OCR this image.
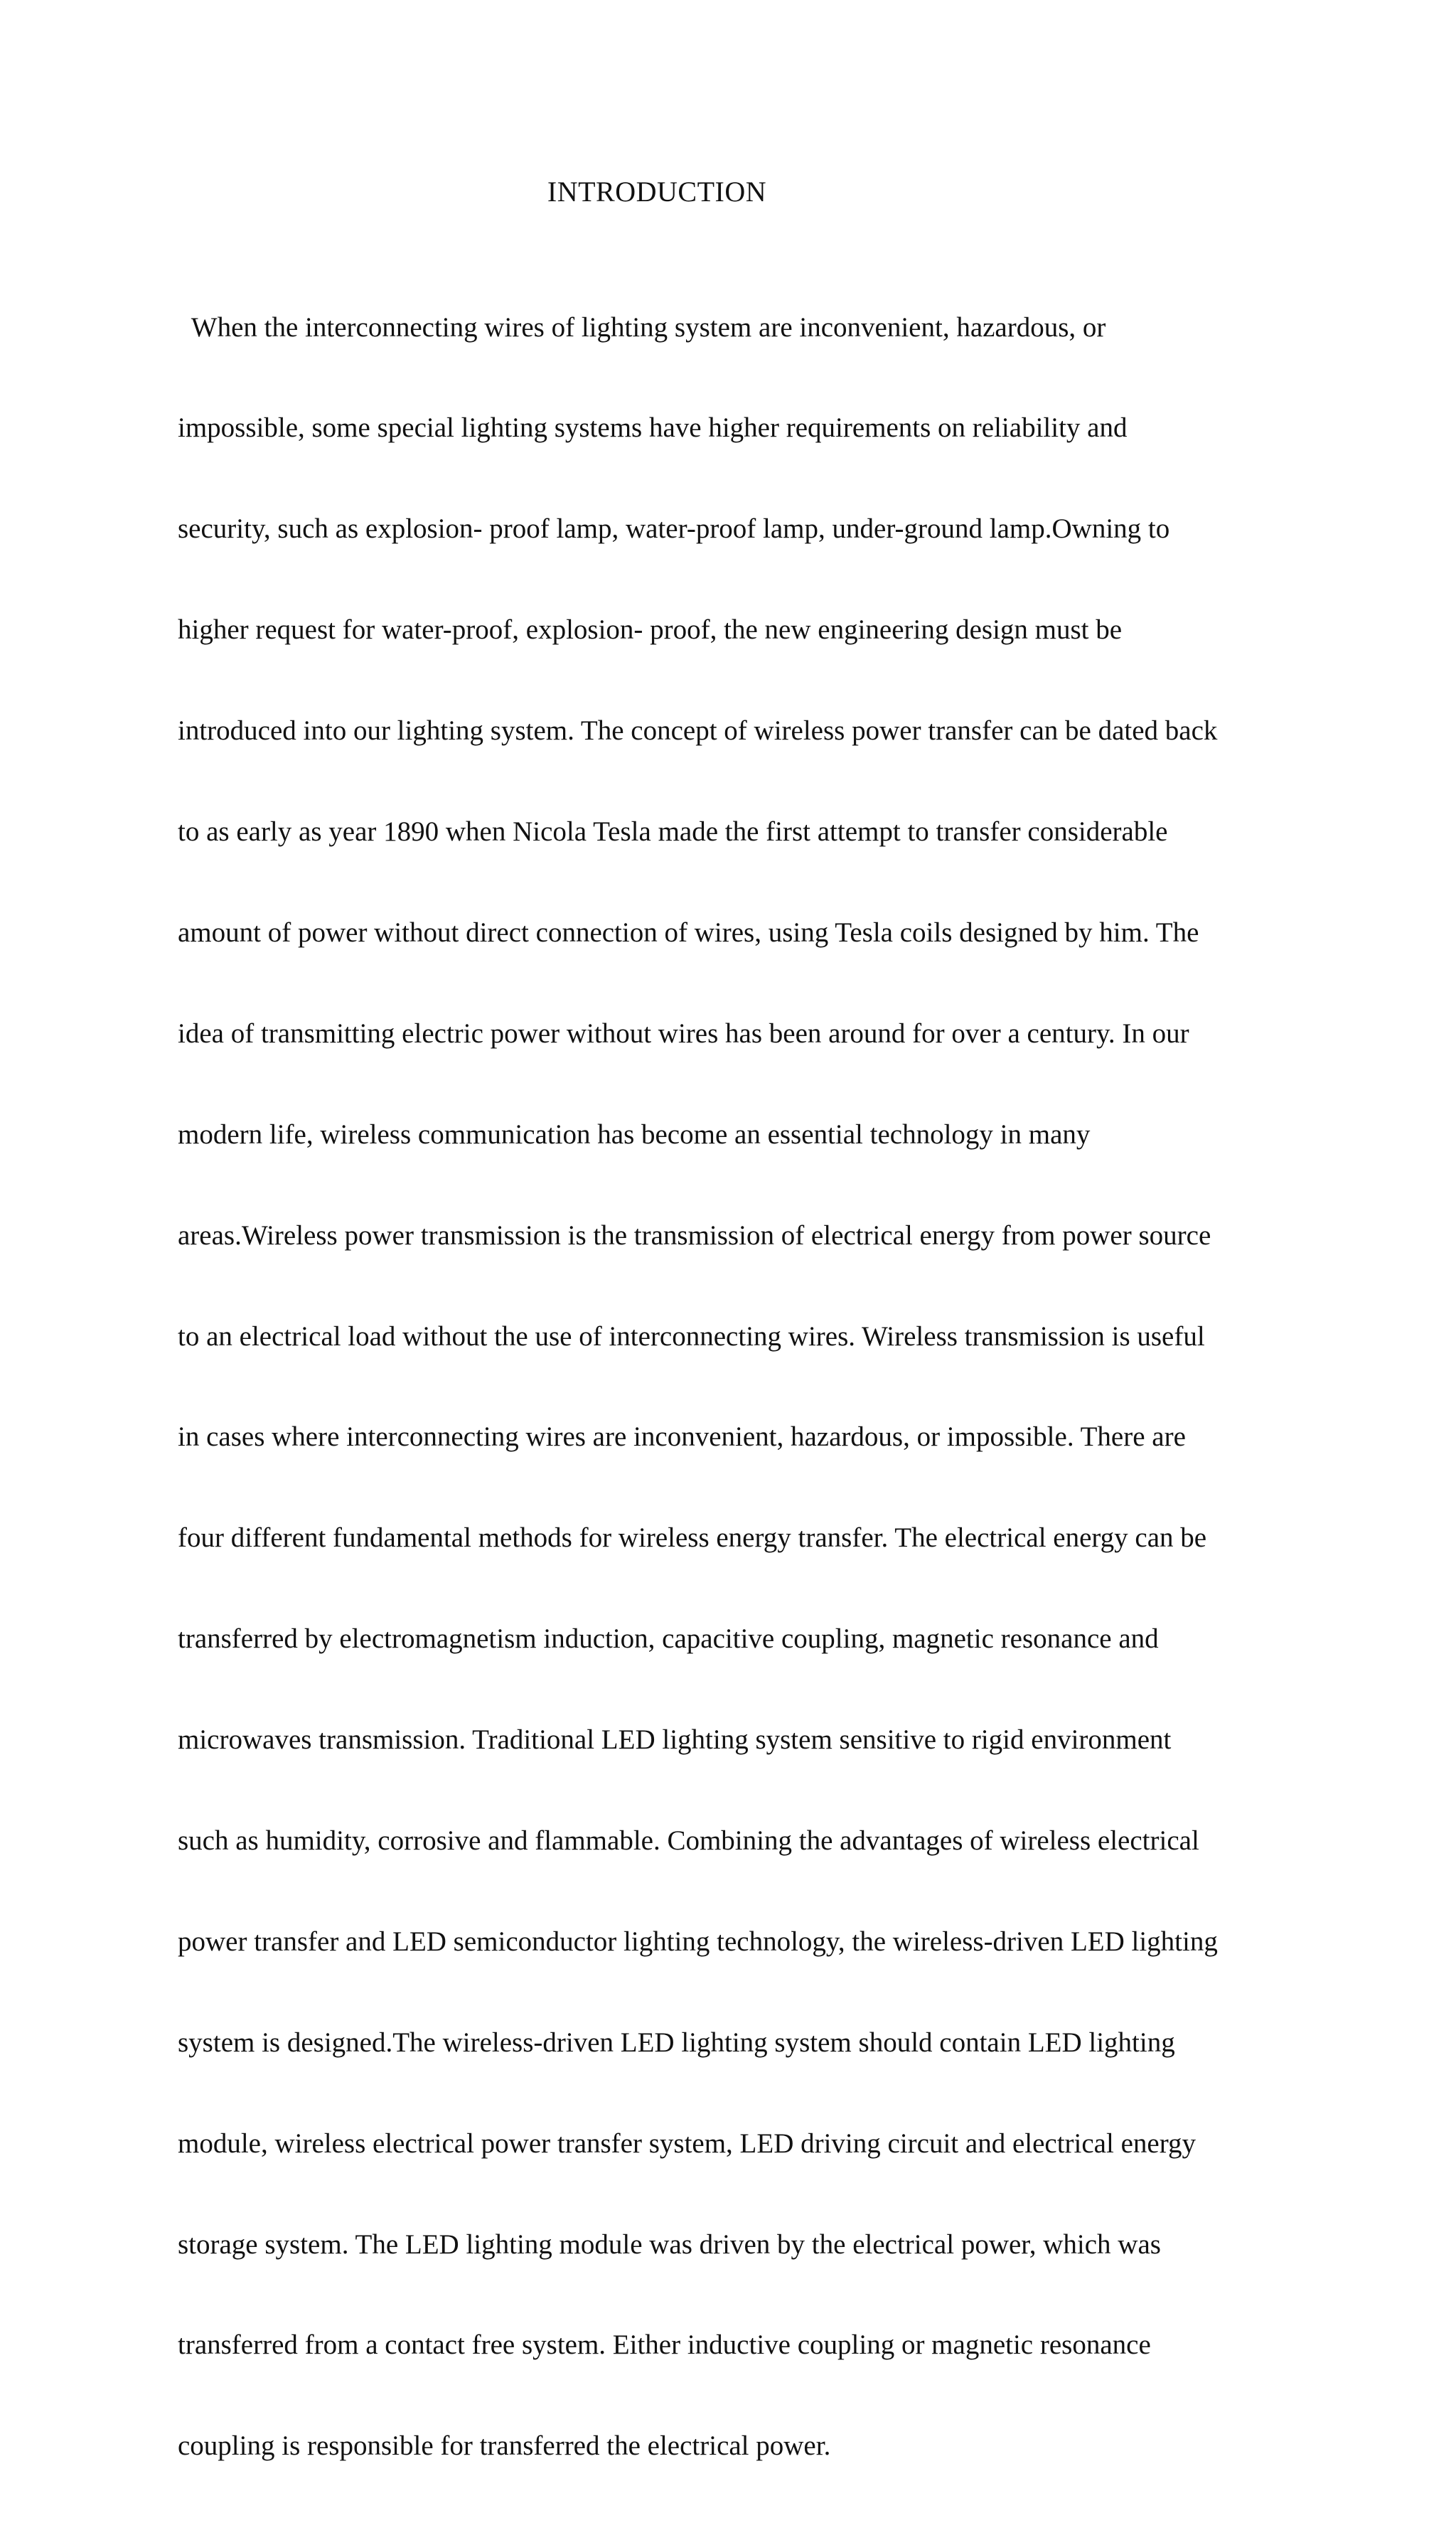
INTRODUCTION

When the interconnecting wires of lighting system are inconvenient, hazardous, or

impossible, some special lighting systems have higher requirements on reliability and

security, such as explosion- proof lamp, water-proof lamp, under-ground lamp.Owning to

higher request for water-proof, explosion- proof, the new engineering design must be

introduced into our lighting system. The concept of wireless power transfer can be dated back

to as early as year 1890 when Nicola Tesla made the first attempt to transfer considerable

amount of power without direct connection of wires, using Tesla coils designed by him. The

idea of transmitting electric power without wires has been around for over a century. In our

modern life, wireless communication has become an essential technology in many

areas.Wireless power transmission is the transmission of electrical energy from power source

to an electrical load without the use of interconnecting wires. Wireless transmission is useful

in cases where interconnecting wires are inconvenient, hazardous, or impossible. There are

four different fundamental methods for wireless energy transfer. The electrical energy can be

transferred by electromagnetism induction, capacitive coupling, magnetic resonance and

microwaves transmission. Traditional LED lighting system sensitive to rigid environment

such as humidity, corrosive and flammable. Combining the advantages of wireless electrical

power transfer and LED semiconductor lighting technology, the wireless-driven LED lighting

system is designed.The wireless-driven LED lighting system should contain LED lighting

module, wireless electrical power transfer system, LED driving circuit and electrical energy

storage system. The LED lighting module was driven by the electrical power, which was

transferred from a contact free system. Either inductive coupling or magnetic resonance

coupling is responsible for transferred the electrical power.
